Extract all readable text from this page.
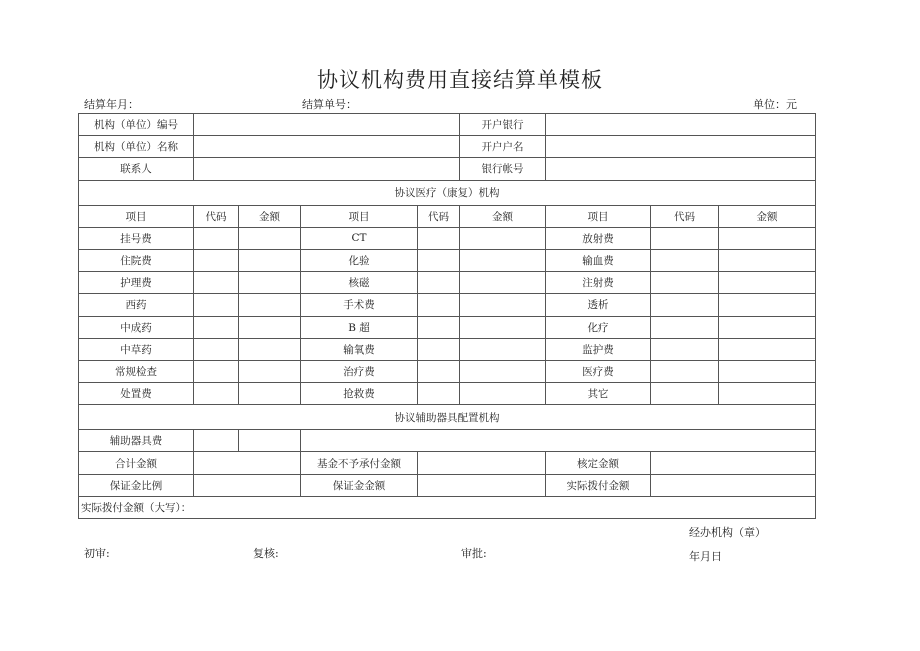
协议机构费用直接结算单模板
结算年月：	结算单号：	单位：元
机构（单位）编号					开户银行			
机构（单位）名称					开户户名			
联系人					银行帐号			
协议医疗（康复）机构								
项目	代码	金额	项目	代码	金额	项目	代码	金额
挂号费			CT			放射费		
住院费			化验			输血费		
护理费			核磁			注射费		
西药			手术费			透析		
中成药			B 超			化疗		
中草药			输氧费			监护费		
常规检查			治疗费			医疗费		
处置费			抢救费			其它		
协议辅助器具配置机构								
辅助器具费								
合计金额			基金不予承付金额			核定金额		
保证金比例			保证金金额			实际拨付金额		
实际拨付金额（大写）：								
经办机构（章）
初审:	复核:	审批:	年月日
